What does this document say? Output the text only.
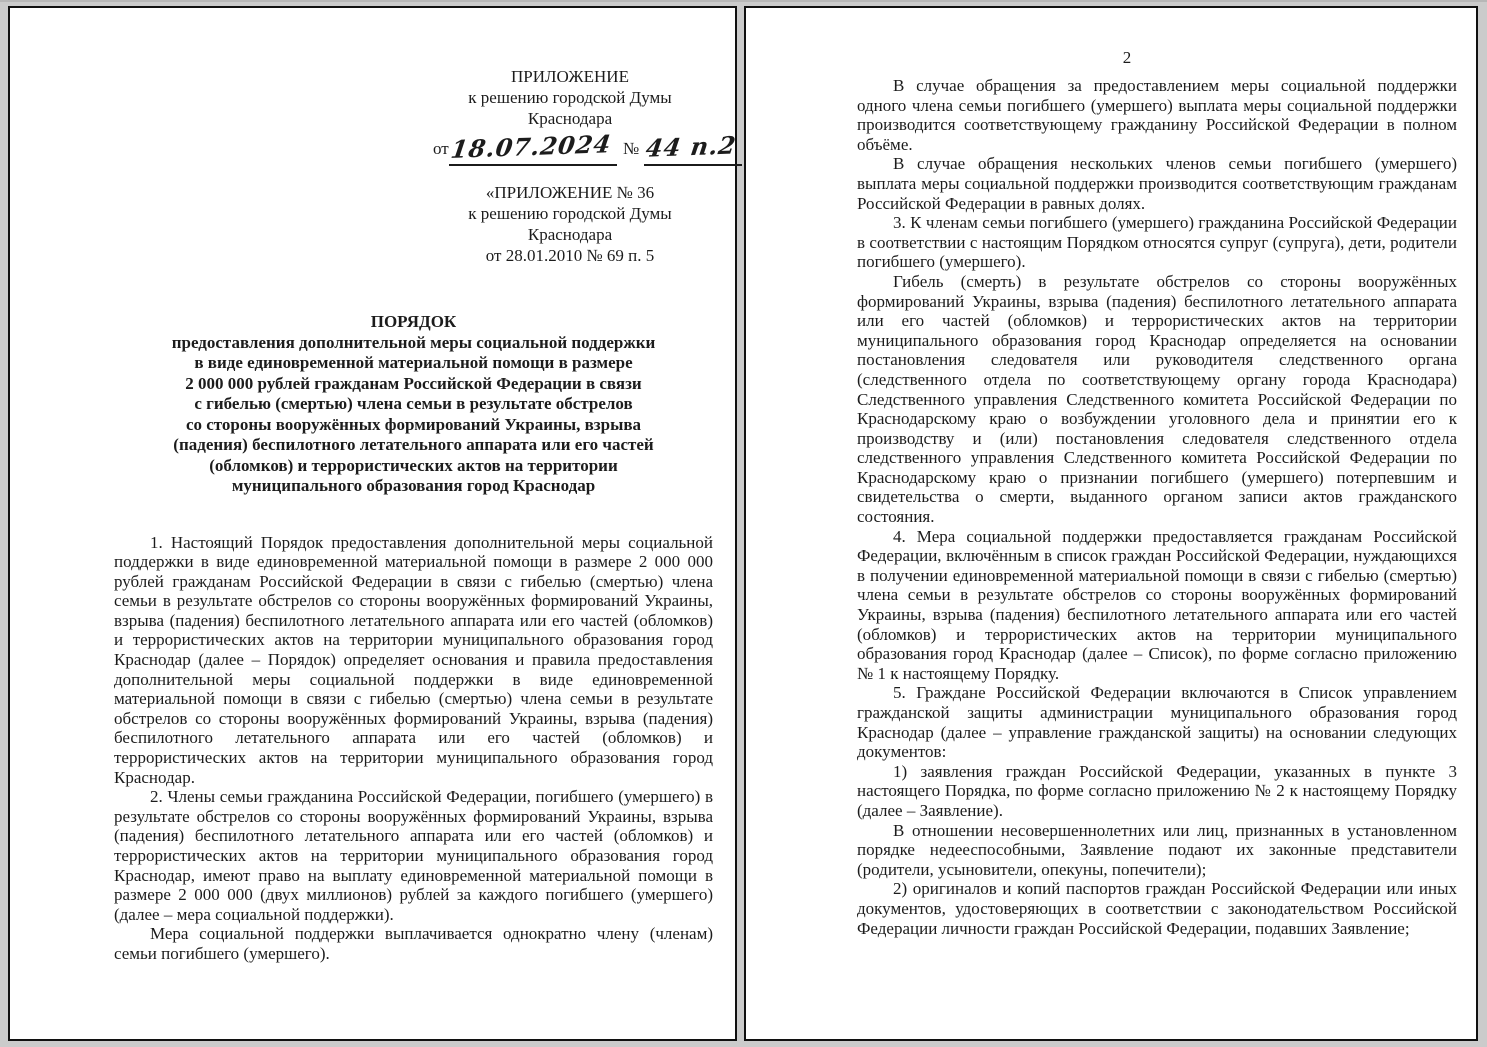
ПРИЛОЖЕНИЕ
к решению городской Думы
Краснодара
от18.07.2024 № 44 п.2
«ПРИЛОЖЕНИЕ № 36
к решению городской Думы
Краснодара
от 28.01.2010 № 69 п. 5
ПОРЯДОК
предоставления дополнительной меры социальной поддержки
в виде единовременной материальной помощи в размере
2 000 000 рублей гражданам Российской Федерации в связи
с гибелью (смертью) члена семьи в результате обстрелов
со стороны вооружённых формирований Украины, взрыва
(падения) беспилотного летательного аппарата или его частей
(обломков) и террористических актов на территории
муниципального образования город Краснодар

1. Настоящий Порядок предоставления дополнительной меры социальной поддержки в виде единовременной материальной помощи в размере 2 000 000 рублей гражданам Российской Федерации в связи с гибелью (смертью) члена семьи в результате обстрелов со стороны вооружённых формирований Украины, взрыва (падения) беспилотного летательного аппарата или его частей (обломков) и террористических актов на территории муниципального образования город Краснодар (далее – Порядок) определяет основания и правила предоставления дополнительной меры социальной поддержки в виде единовременной материальной помощи в связи с гибелью (смертью) члена семьи в результате обстрелов со стороны вооружённых формирований Украины, взрыва (падения) беспилотного летательного аппарата или его частей (обломков) и террористических актов на территории муниципального образования город Краснодар.

2. Члены семьи гражданина Российской Федерации, погибшего (умершего) в результате обстрелов со стороны вооружённых формирований Украины, взрыва (падения) беспилотного летательного аппарата или его частей (обломков) и террористических актов на территории муниципального образования город Краснодар, имеют право на выплату единовременной материальной помощи в размере 2 000 000 (двух миллионов) рублей за каждого погибшего (умершего) (далее – мера социальной поддержки).

Мера социальной поддержки выплачивается однократно члену (членам) семьи погибшего (умершего).

2

В случае обращения за предоставлением меры социальной поддержки одного члена семьи погибшего (умершего) выплата меры социальной поддержки производится соответствующему гражданину Российской Федерации в полном объёме.

В случае обращения нескольких членов семьи погибшего (умершего) выплата меры социальной поддержки производится соответствующим гражданам Российской Федерации в равных долях.

3. К членам семьи погибшего (умершего) гражданина Российской Федерации в соответствии с настоящим Порядком относятся супруг (супруга), дети, родители погибшего (умершего).

Гибель (смерть) в результате обстрелов со стороны вооружённых формирований Украины, взрыва (падения) беспилотного летательного аппарата или его частей (обломков) и террористических актов на территории муниципального образования город Краснодар определяется на основании постановления следователя или руководителя следственного органа (следственного отдела по соответствующему органу города Краснодара) Следственного управления Следственного комитета Российской Федерации по Краснодарскому краю о возбуждении уголовного дела и принятии его к производству и (или) постановления следователя следственного отдела следственного управления Следственного комитета Российской Федерации по Краснодарскому краю о признании погибшего (умершего) потерпевшим и свидетельства о смерти, выданного органом записи актов гражданского состояния.

4. Мера социальной поддержки предоставляется гражданам Российской Федерации, включённым в список граждан Российской Федерации, нуждающихся в получении единовременной материальной помощи в связи с гибелью (смертью) члена семьи в результате обстрелов со стороны вооружённых формирований Украины, взрыва (падения) беспилотного летательного аппарата или его частей (обломков) и террористических актов на территории муниципального образования город Краснодар (далее – Список), по форме согласно приложению № 1 к настоящему Порядку.

5. Граждане Российской Федерации включаются в Список управлением гражданской защиты администрации муниципального образования город Краснодар (далее – управление гражданской защиты) на основании следующих документов:

1) заявления граждан Российской Федерации, указанных в пункте 3 настоящего Порядка, по форме согласно приложению № 2 к настоящему Порядку (далее – Заявление).

В отношении несовершеннолетних или лиц, признанных в установленном порядке недееспособными, Заявление подают их законные представители (родители, усыновители, опекуны, попечители);

2) оригиналов и копий паспортов граждан Российской Федерации или иных документов, удостоверяющих в соответствии с законодательством Российской Федерации личности граждан Российской Федерации, подавших Заявление;
